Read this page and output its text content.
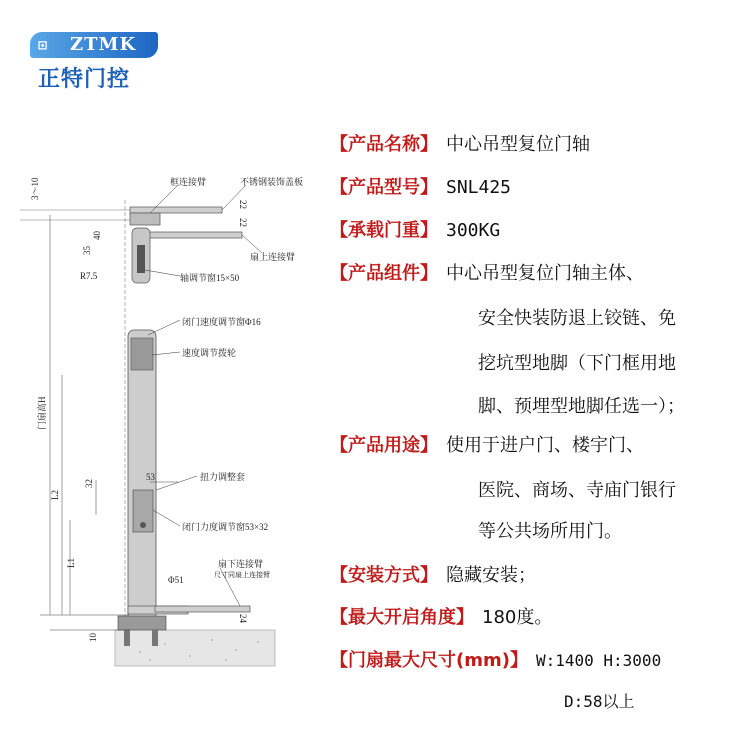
⊡	ZTMK
正特门控
框连接臂	不锈钢装饰盖板
3～10
22
22
35
40
扇上连接臂
R7.5	轴调节窗15×50
闭门速度调节窗Φ16
速度调节拨轮
门扇高H
L2
53	扭力调整套
32
闭门力度调节窗53×32
L1
Φ51
扇下连接臂
尺寸同扇上连接臂
24
10
【产品名称】 中心吊型复位门轴
【产品型号】 SNL425
【承载门重】 300KG
【产品组件】 中心吊型复位门轴主体、
安全快装防退上铰链、免
挖坑型地脚（下门框用地
脚、预埋型地脚任选一）；
【产品用途】 使用于进户门、楼宇门、
医院、商场、寺庙门银行
等公共场所用门。
【安装方式】 隐藏安装；
【最大开启角度】 180度。
【门扇最大尺寸(mm)】 W:1400 H:3000
D:58以上
